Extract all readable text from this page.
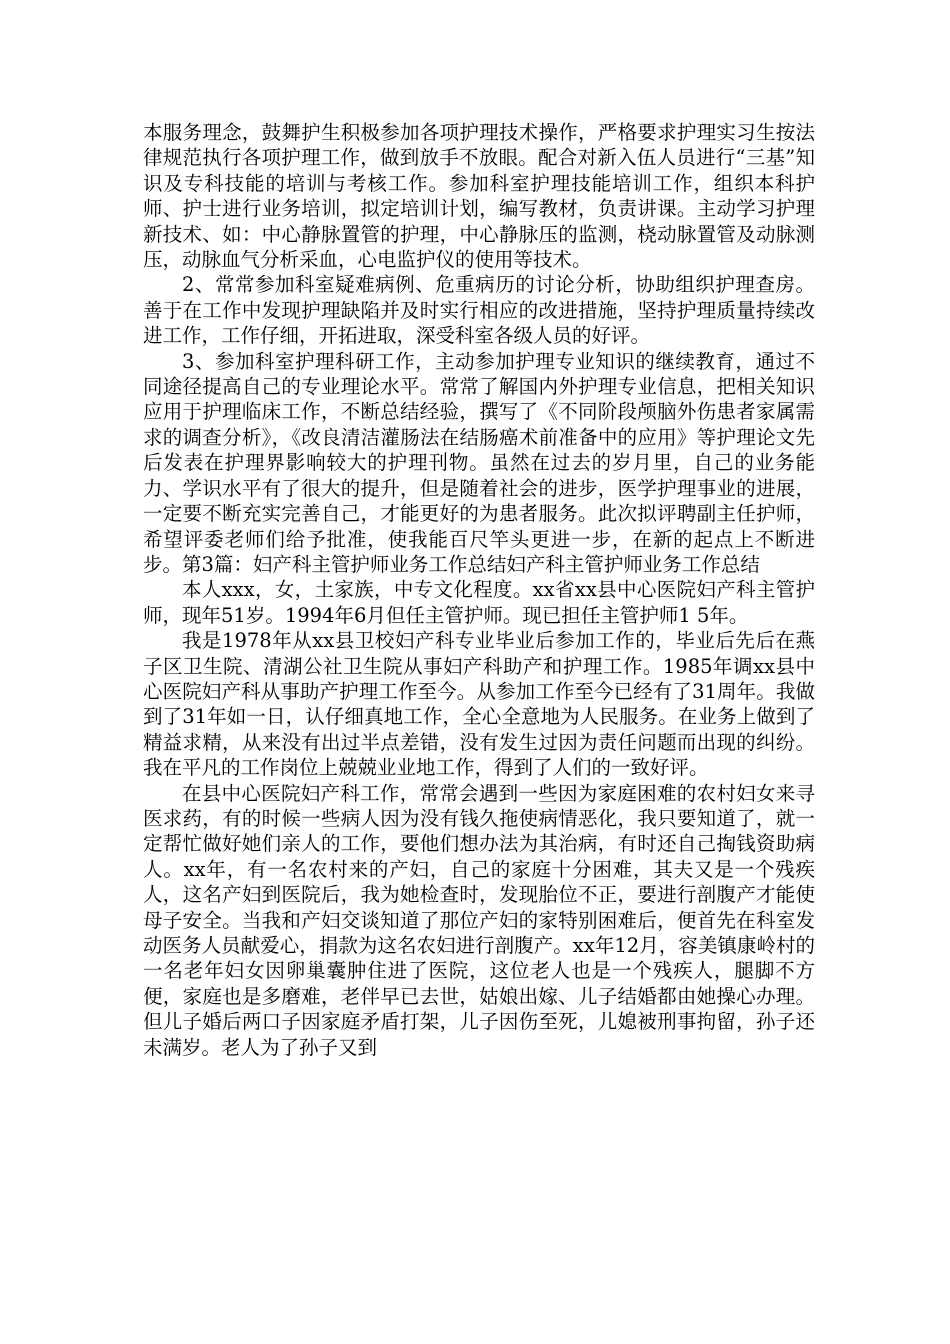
本服务理念，鼓舞护生积极参加各项护理技术操作，严格要求护理实习生按法律规范执行各项护理工作，做到放手不放眼。配合对新入伍人员进行“三基”知识及专科技能的培训与考核工作。参加科室护理技能培训工作，组织本科护师、护士进行业务培训，拟定培训计划，编写教材，负责讲课。主动学习护理新技术、如：中心静脉置管的护理，中心静脉压的监测，桡动脉置管及动脉测压，动脉血气分析采血，心电监护仪的使用等技术。

2、常常参加科室疑难病例、危重病历的讨论分析，协助组织护理查房。善于在工作中发现护理缺陷并及时实行相应的改进措施，坚持护理质量持续改进工作，工作仔细，开拓进取，深受科室各级人员的好评。

3、参加科室护理科研工作，主动参加护理专业知识的继续教育，通过不同途径提高自己的专业理论水平。常常了解国内外护理专业信息，把相关知识应用于护理临床工作，不断总结经验，撰写了《不同阶段颅脑外伤患者家属需求的调查分析》，《改良清洁灌肠法在结肠癌术前准备中的应用》等护理论文先后发表在护理界影响较大的护理刊物。虽然在过去的岁月里，自己的业务能力、学识水平有了很大的提升，但是随着社会的进步，医学护理事业的进展，一定要不断充实完善自己，才能更好的为患者服务。此次拟评聘副主任护师，希望评委老师们给予批准，使我能百尺竿头更进一步，在新的起点上不断进步。第3篇：妇产科主管护师业务工作总结妇产科主管护师业务工作总结

本人xxx，女，土家族，中专文化程度。xx省xx县中心医院妇产科主管护师，现年51岁。1994年6月但任主管护师。现已担任主管护师1 5年。

我是1978年从xx县卫校妇产科专业毕业后参加工作的，毕业后先后在燕子区卫生院、清湖公社卫生院从事妇产科助产和护理工作。1985年调xx县中心医院妇产科从事助产护理工作至今。从参加工作至今已经有了31周年。我做到了31年如一日，认仔细真地工作，全心全意地为人民服务。在业务上做到了精益求精，从来没有出过半点差错，没有发生过因为责任问题而出现的纠纷。我在平凡的工作岗位上兢兢业业地工作，得到了人们的一致好评。

在县中心医院妇产科工作，常常会遇到一些因为家庭困难的农村妇女来寻医求药，有的时候一些病人因为没有钱久拖使病情恶化，我只要知道了，就一定帮忙做好她们亲人的工作，要他们想办法为其治病，有时还自己掏钱资助病人。xx年，有一名农村来的产妇，自己的家庭十分困难，其夫又是一个残疾人，这名产妇到医院后，我为她检查时，发现胎位不正，要进行剖腹产才能使母子安全。当我和产妇交谈知道了那位产妇的家特别困难后，便首先在科室发动医务人员献爱心，捐款为这名农妇进行剖腹产。xx年12月，容美镇康岭村的一名老年妇女因卵巢囊肿住进了医院，这位老人也是一个残疾人，腿脚不方便，家庭也是多磨难，老伴早已去世，姑娘出嫁、儿子结婚都由她操心办理。但儿子婚后两口子因家庭矛盾打架，儿子因伤至死，儿媳被刑事拘留，孙子还未满岁。老人为了孙子又到
